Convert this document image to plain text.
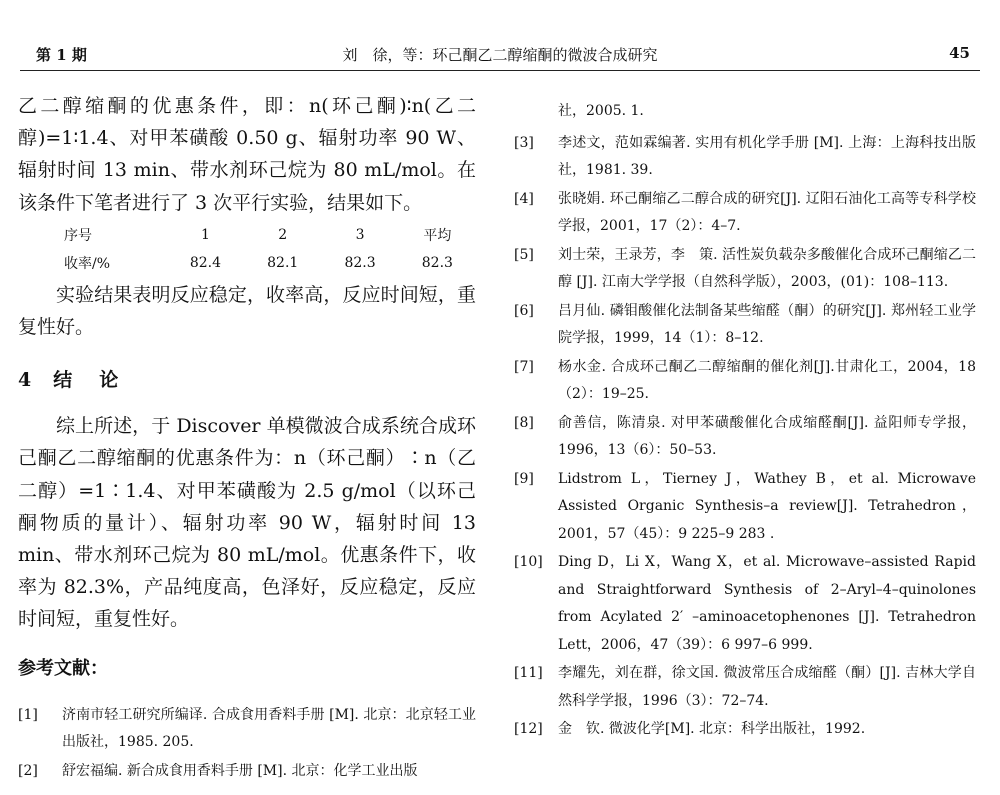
第 1 期	刘　徐，等：环己酮乙二醇缩酮的微波合成研究	45

乙二醇缩酮的优惠条件，即：n(环己酮)∶n(乙二醇)=1∶1.4、对甲苯磺酸 0.50 g、辐射功率 90 W、辐射时间 13 min、带水剂环己烷为 80 mL/mol。在该条件下笔者进行了 3 次平行实验，结果如下。

序号	1	2	3	平均
收率/%	82.4	82.1	82.3	82.3

实验结果表明反应稳定，收率高，反应时间短，重复性好。

4 结　论

综上所述，于 Discover 单模微波合成系统合成环己酮乙二醇缩酮的优惠条件为：n（环己酮）∶n（乙二醇）=1∶1.4、对甲苯磺酸为 2.5 g/mol（以环己酮物质的量计）、辐射功率 90 W，辐射时间 13 min、带水剂环己烷为 80 mL/mol。优惠条件下，收率为 82.3%，产品纯度高，色泽好，反应稳定，反应时间短，重复性好。

参考文献：
[1] 济南市轻工研究所编译. 合成食用香料手册 [M]. 北京：北京轻工业出版社，1985. 205.
[2] 舒宏福编. 新合成食用香料手册 [M]. 北京：化学工业出版
社，2005. 1.
[3] 李述文，范如霖编著. 实用有机化学手册 [M]. 上海：上海科技出版社，1981. 39.
[4] 张晓娟. 环己酮缩乙二醇合成的研究[J]. 辽阳石油化工高等专科学校学报，2001，17（2）：4–7.
[5] 刘士荣，王录芳，李　策. 活性炭负载杂多酸催化合成环己酮缩乙二醇 [J]. 江南大学学报（自然科学版），2003，(01)：108–113.
[6] 吕月仙. 磷钼酸催化法制备某些缩醛（酮）的研究[J]. 郑州轻工业学院学报，1999，14（1）：8–12.
[7] 杨水金. 合成环己酮乙二醇缩酮的催化剂[J].甘肃化工，2004，18（2）：19–25.
[8] 俞善信，陈清泉. 对甲苯磺酸催化合成缩醛酮[J]. 益阳师专学报，1996，13（6）：50–53.
[9] Lidstrom L，Tierney J，Wathey B，et al. Microwave Assisted Organic Synthesis–a review[J]. Tetrahedron，2001，57（45）：9 225–9 283 .
[10] Ding D，Li X，Wang X，et al. Microwave–assisted Rapid and Straightforward Synthesis of 2–Aryl–4–quinolones from Acylated 2′ –aminoacetophenones [J]. Tetrahedron Lett，2006，47（39）：6 997–6 999.
[11] 李耀先，刘在群，徐文国. 微波常压合成缩醛（酮）[J]. 吉林大学自然科学学报，1996（3）：72–74.
[12] 金　钦. 微波化学[M]. 北京：科学出版社，1992.
